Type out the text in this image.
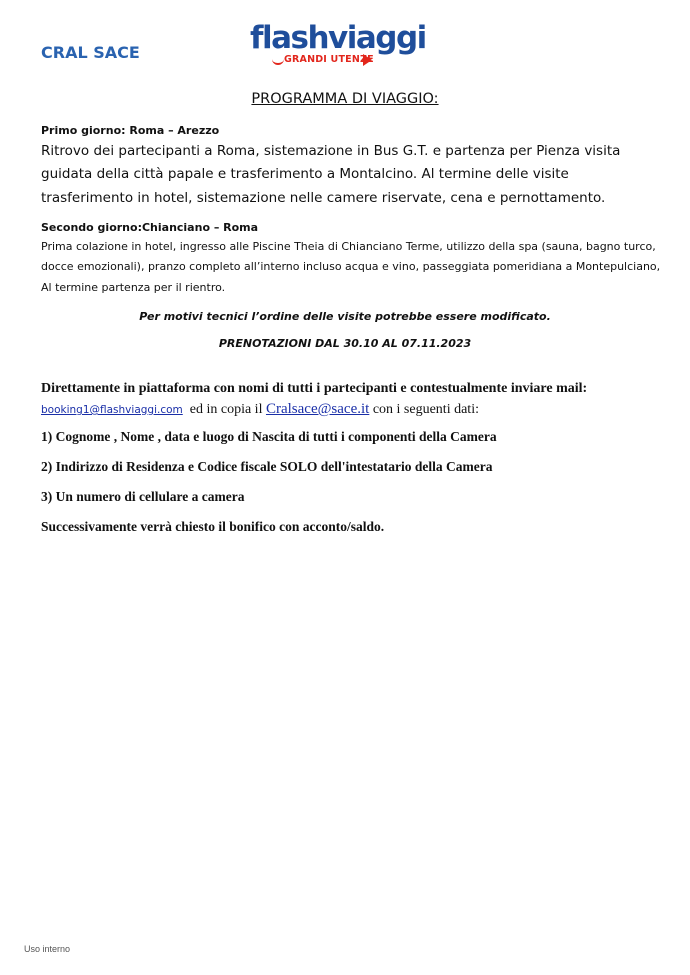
CRAL SACE	flashviaggi
GRANDI UTENZE
PROGRAMMA DI VIAGGIO:
Primo giorno: Roma – Arezzo
Ritrovo dei partecipanti a Roma, sistemazione in Bus G.T. e partenza per Pienza visita guidata della città papale e trasferimento a Montalcino. Al termine delle visite trasferimento in hotel, sistemazione nelle camere riservate, cena e pernottamento.
Secondo giorno:Chianciano – Roma
Prima colazione in hotel, ingresso alle Piscine Theia di Chianciano Terme, utilizzo della spa (sauna, bagno turco, docce emozionali), pranzo completo all’interno incluso acqua e vino, passeggiata pomeridiana a Montepulciano, Al termine partenza per il rientro.
Per motivi tecnici l’ordine delle visite potrebbe essere modificato.
PRENOTAZIONI DAL 30.10 AL 07.11.2023
Direttamente in piattaforma con nomi di tutti i partecipanti e contestualmente inviare mail:
booking1@flashviaggi.com ed in copia il Cralsace@sace.it con i seguenti dati:
1) Cognome , Nome , data e luogo di Nascita di tutti i componenti della Camera
2) Indirizzo di Residenza e Codice fiscale SOLO dell'intestatario della Camera
3) Un numero di cellulare a camera
Successivamente verrà chiesto il bonifico con acconto/saldo.
Uso interno
